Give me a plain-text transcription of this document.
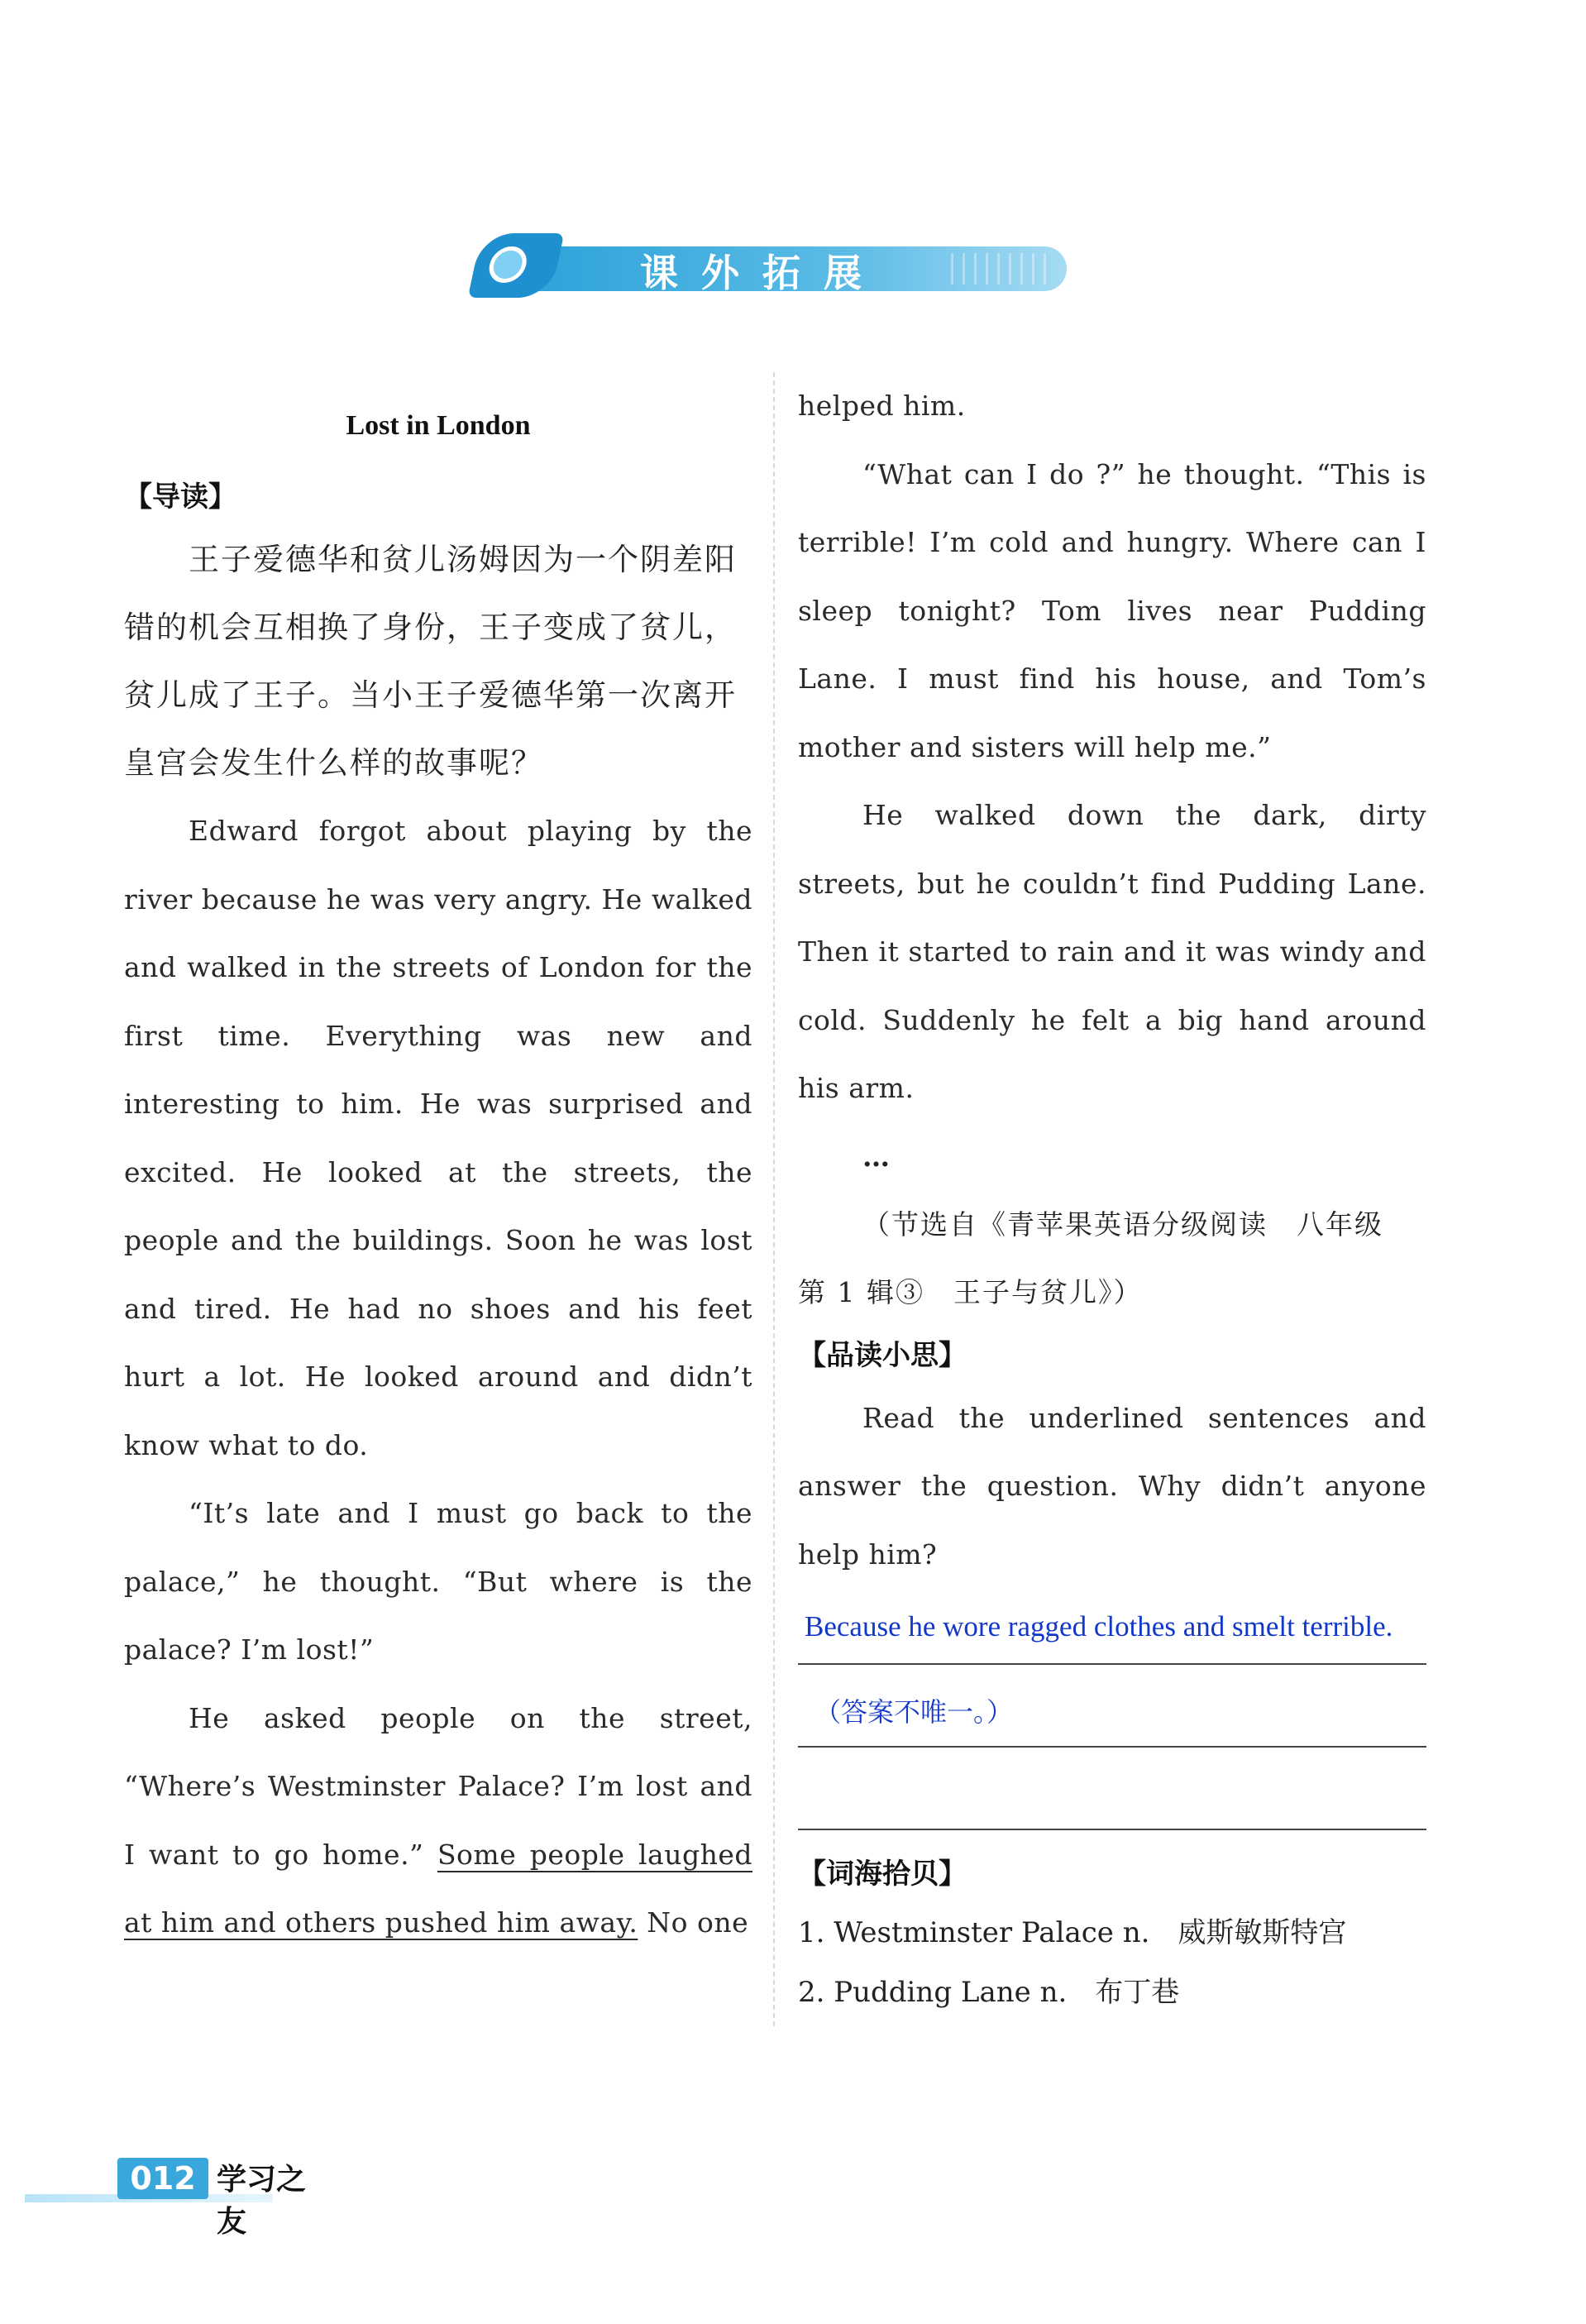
课外拓展

Lost in London

【导读】

王子爱德华和贫儿汤姆因为一个阴差阳错的机会互相换了身份，王子变成了贫儿，贫儿成了王子。当小王子爱德华第一次离开皇宫会发生什么样的故事呢？

Edward forgot about playing by the river because he was very angry. He walked and walked in the streets of London for the first time. Everything was new and interesting to him. He was surprised and excited. He looked at the streets, the people and the buildings. Soon he was lost and tired. He had no shoes and his feet hurt a lot. He looked around and didn’t know what to do.

“It’s late and I must go back to the palace,” he thought. “But where is the palace? I’m lost!”

He asked people on the street, “Where’s Westminster Palace? I’m lost and I want to go home.” Some people laughed at him and others pushed him away. No one

helped him.

“What can I do ?” he thought. “This is terrible! I’m cold and hungry. Where can I sleep tonight? Tom lives near Pudding Lane. I must find his house, and Tom’s mother and sisters will help me.”

He walked down the dark, dirty streets, but he couldn’t find Pudding Lane. Then it started to rain and it was windy and cold. Suddenly he felt a big hand around his arm.

…

（节选自《青苹果英语分级阅读　八年级　第 1 辑③　王子与贫儿》）

【品读小思】

Read the underlined sentences and answer the question. Why didn’t anyone help him?

Because he wore ragged clothes and smelt terrible.
（答案不唯一。）

【词海拾贝】

1. Westminster Palace n.　威斯敏斯特宫

2. Pudding Lane n.　布丁巷

012 学习之友
